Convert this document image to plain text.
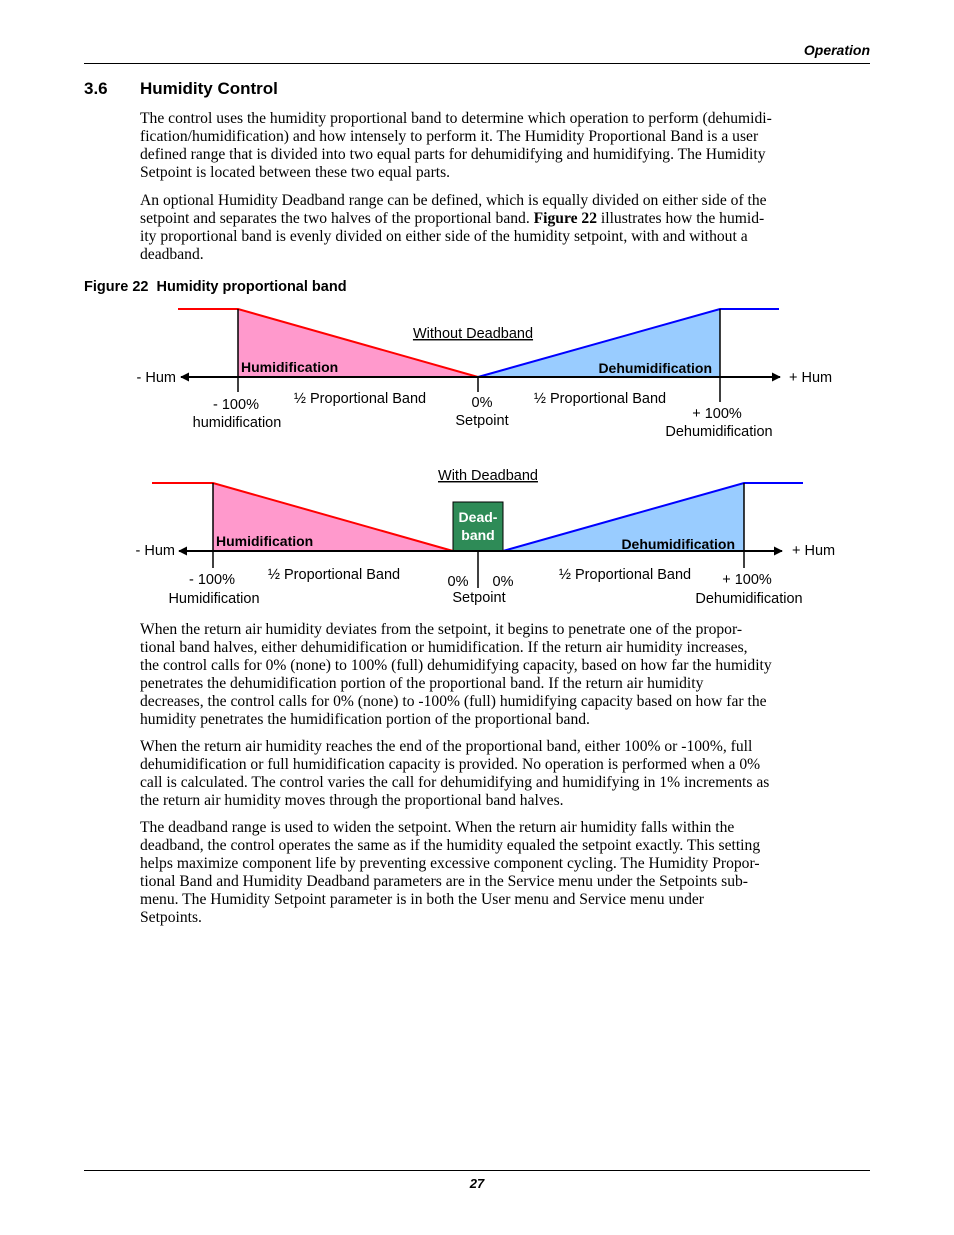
Operation
3.6 Humidity Control

The control uses the humidity proportional band to determine which operation to perform (dehumidi-
fication/humidification) and how intensely to perform it. The Humidity Proportional Band is a user
defined range that is divided into two equal parts for dehumidifying and humidifying. The Humidity
Setpoint is located between these two equal parts.

An optional Humidity Deadband range can be defined, which is equally divided on either side of the
setpoint and separates the two halves of the proportional band. Figure 22 illustrates how the humid-
ity proportional band is evenly divided on either side of the humidity setpoint, with and without a
deadband.

Figure 22 Humidity proportional band
Without Deadband
Humidification	Dehumidification
- Hum	+ Hum
½ Proportional Band	½ Proportional Band
- 100%
humidification
0%
Setpoint	+ 100%
Dehumidification
With Deadband
Dead-
band
Humidification	Dehumidification
- Hum	+ Hum
½ Proportional Band	½ Proportional Band
- 100%
Humidification
0% 0%
Setpoint
+ 100%
Dehumidification

When the return air humidity deviates from the setpoint, it begins to penetrate one of the propor-
tional band halves, either dehumidification or humidification. If the return air humidity increases,
the control calls for 0% (none) to 100% (full) dehumidifying capacity, based on how far the humidity
penetrates the dehumidification portion of the proportional band. If the return air humidity
decreases, the control calls for 0% (none) to -100% (full) humidifying capacity based on how far the
humidity penetrates the humidification portion of the proportional band.

When the return air humidity reaches the end of the proportional band, either 100% or -100%, full
dehumidification or full humidification capacity is provided. No operation is performed when a 0%
call is calculated. The control varies the call for dehumidifying and humidifying in 1% increments as
the return air humidity moves through the proportional band halves.

The deadband range is used to widen the setpoint. When the return air humidity falls within the
deadband, the control operates the same as if the humidity equaled the setpoint exactly. This setting
helps maximize component life by preventing excessive component cycling. The Humidity Propor-
tional Band and Humidity Deadband parameters are in the Service menu under the Setpoints sub-
menu. The Humidity Setpoint parameter is in both the User menu and Service menu under
Setpoints.

27
